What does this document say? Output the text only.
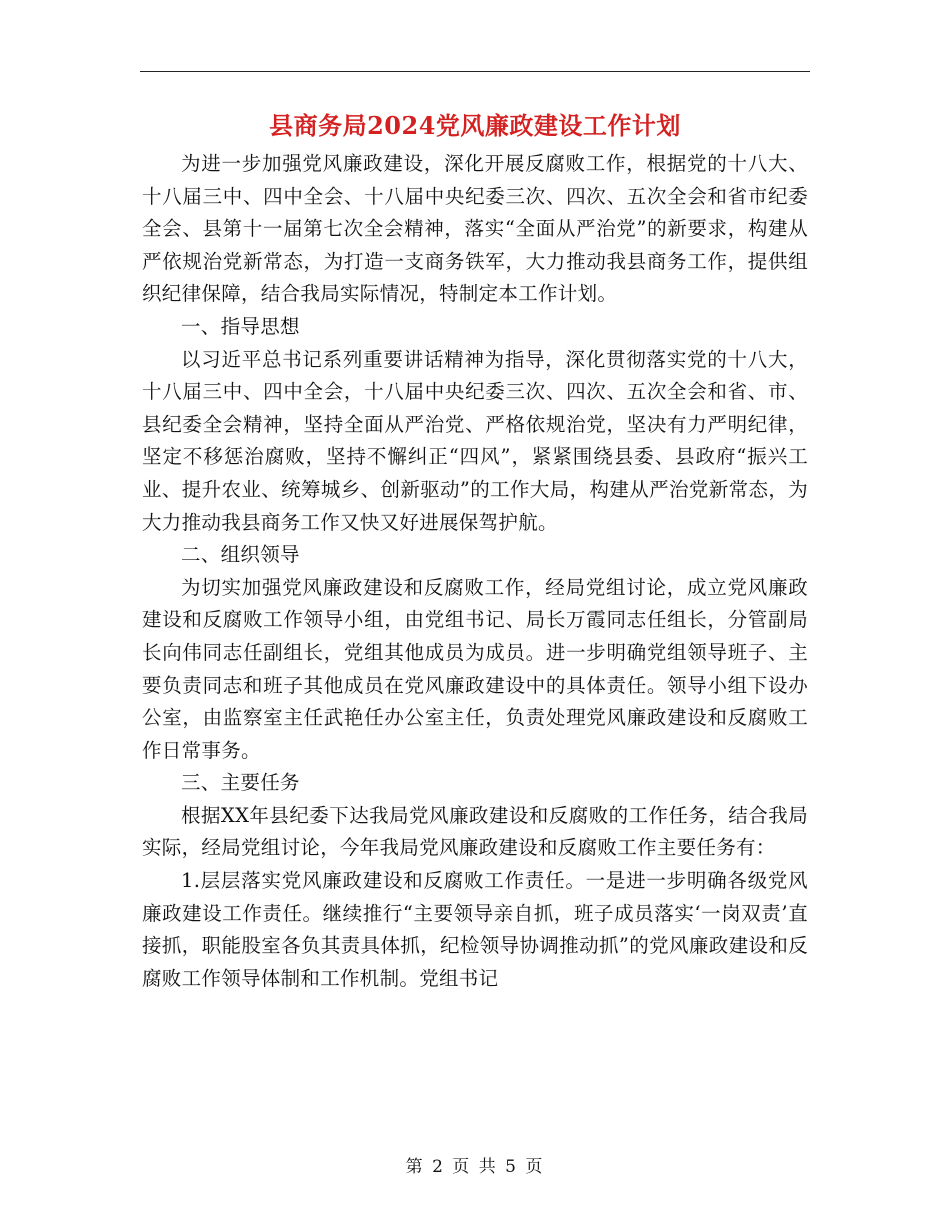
县商务局2024党风廉政建设工作计划

为进一步加强党风廉政建设，深化开展反腐败工作，根据党的十八大、十八届三中、四中全会、十八届中央纪委三次、四次、五次全会和省市纪委全会、县第十一届第七次全会精神，落实“全面从严治党”的新要求，构建从严依规治党新常态，为打造一支商务铁军，大力推动我县商务工作，提供组织纪律保障，结合我局实际情况，特制定本工作计划。

一、指导思想

以习近平总书记系列重要讲话精神为指导，深化贯彻落实党的十八大，十八届三中、四中全会，十八届中央纪委三次、四次、五次全会和省、市、县纪委全会精神，坚持全面从严治党、严格依规治党，坚决有力严明纪律，坚定不移惩治腐败，坚持不懈纠正“四风”，紧紧围绕县委、县政府“振兴工业、提升农业、统筹城乡、创新驱动”的工作大局，构建从严治党新常态，为大力推动我县商务工作又快又好进展保驾护航。

二、组织领导

为切实加强党风廉政建设和反腐败工作，经局党组讨论，成立党风廉政建设和反腐败工作领导小组，由党组书记、局长万霞同志任组长，分管副局长向伟同志任副组长，党组其他成员为成员。进一步明确党组领导班子、主要负责同志和班子其他成员在党风廉政建设中的具体责任。领导小组下设办公室，由监察室主任武艳任办公室主任，负责处理党风廉政建设和反腐败工作日常事务。

三、主要任务

根据XX年县纪委下达我局党风廉政建设和反腐败的工作任务，结合我局实际，经局党组讨论，今年我局党风廉政建设和反腐败工作主要任务有：

1.层层落实党风廉政建设和反腐败工作责任。一是进一步明确各级党风廉政建设工作责任。继续推行“主要领导亲自抓，班子成员落实‘一岗双责’直接抓，职能股室各负其责具体抓，纪检领导协调推动抓”的党风廉政建设和反腐败工作领导体制和工作机制。党组书记

第 2 页 共 5 页
